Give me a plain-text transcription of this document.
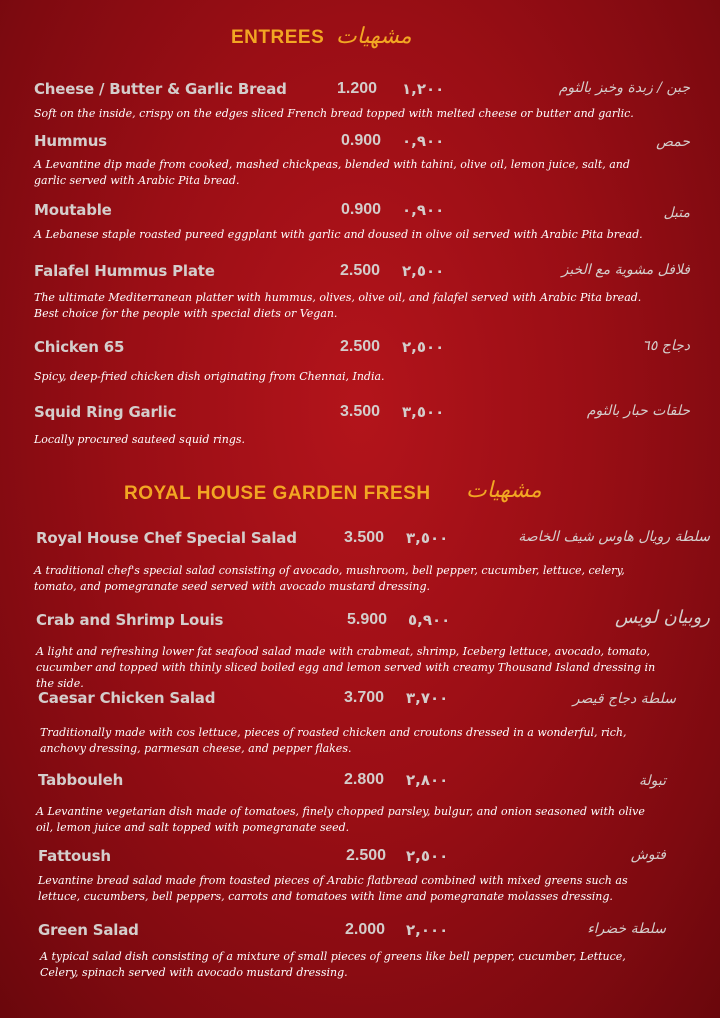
ENTREES مشهيات
Cheese / Butter & Garlic Bread	1.200 ١,٢٠٠	جبن / زبدة وخبز بالثوم
Soft on the inside, crispy on the edges sliced French bread topped with melted cheese or butter and garlic.
Hummus	0.900 ٠,٩٠٠	حمص
A Levantine dip made from cooked, mashed chickpeas, blended with tahini, olive oil, lemon juice, salt, and garlic served with Arabic Pita bread.
Moutable	0.900 ٠,٩٠٠	متبل
A Lebanese staple roasted pureed eggplant with garlic and doused in olive oil served with Arabic Pita bread.
Falafel Hummus Plate	2.500 ٢,٥٠٠	فلافل مشوية مع الخبز
The ultimate Mediterranean platter with hummus, olives, olive oil, and falafel served with Arabic Pita bread. Best choice for the people with special diets or Vegan.
Chicken 65	2.500 ٢,٥٠٠	دجاج ٦٥
Spicy, deep-fried chicken dish originating from Chennai, India.
Squid Ring Garlic	3.500 ٣,٥٠٠	حلقات حبار بالثوم
Locally procured sauteed squid rings.
ROYAL HOUSE GARDEN FRESH مشهيات
Royal House Chef Special Salad	3.500 ٣,٥٠٠	سلطة رويال هاوس شيف الخاصة
A traditional chef's special salad consisting of avocado, mushroom, bell pepper, cucumber, lettuce, celery, tomato, and pomegranate seed served with avocado mustard dressing.
Crab and Shrimp Louis	5.900 ٥,٩٠٠	روبيان لويس
A light and refreshing lower fat seafood salad made with crabmeat, shrimp, Iceberg lettuce, avocado, tomato, cucumber and topped with thinly sliced boiled egg and lemon served with creamy Thousand Island dressing in the side.
Caesar Chicken Salad	3.700 ٣,٧٠٠	سلطة دجاج قيصر
Traditionally made with cos lettuce, pieces of roasted chicken and croutons dressed in a wonderful, rich, anchovy dressing, parmesan cheese, and pepper flakes.
Tabbouleh	2.800 ٢,٨٠٠	تبولة
A Levantine vegetarian dish made of tomatoes, finely chopped parsley, bulgur, and onion seasoned with olive oil, lemon juice and salt topped with pomegranate seed.
Fattoush	2.500 ٢,٥٠٠	فتوش
Levantine bread salad made from toasted pieces of Arabic flatbread combined with mixed greens such as lettuce, cucumbers, bell peppers, carrots and tomatoes with lime and pomegranate molasses dressing.
Green Salad	2.000 ٢,٠٠٠	سلطة خضراء
A typical salad dish consisting of a mixture of small pieces of greens like bell pepper, cucumber, Lettuce, Celery, spinach served with avocado mustard dressing.
